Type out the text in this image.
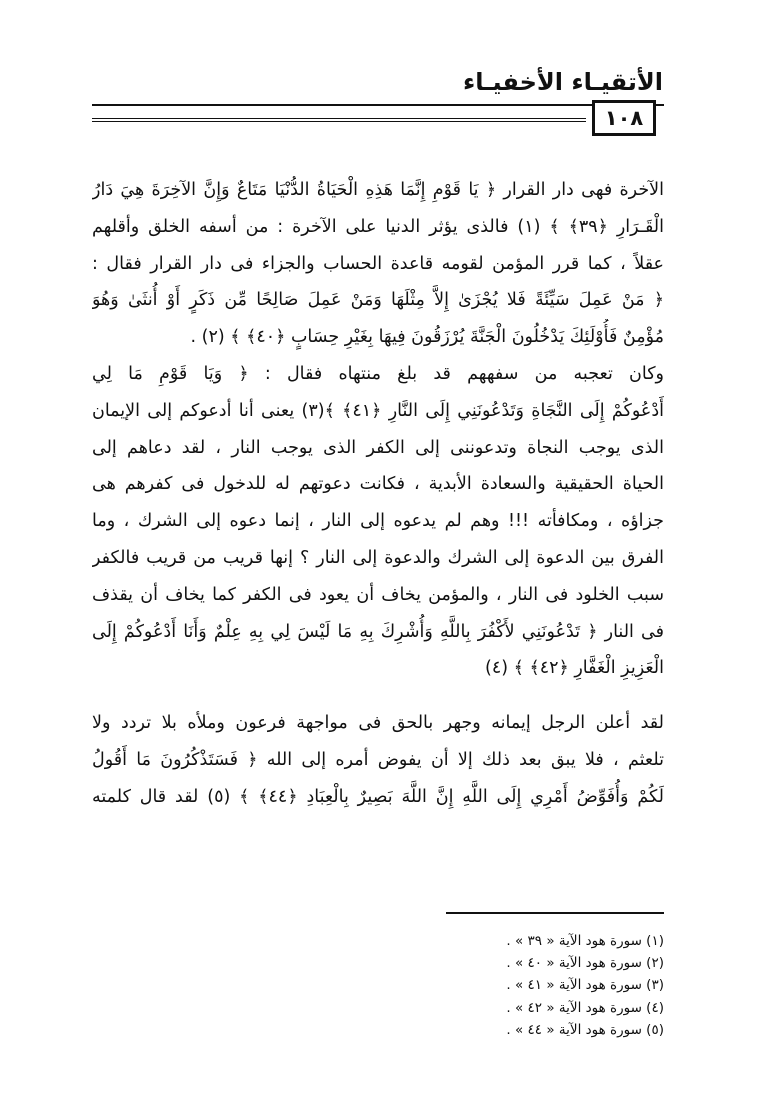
الأتقيـاء الأخفيـاء
١٠٨
الآخرة فهى دار القرار ﴿ يَا قَوْمِ إِنَّمَا هَذِهِ الْحَيَاةُ الدُّنْيَا مَتَاعٌ وَإِنَّ الآخِرَةَ هِيَ دَارُ
الْقَـرَارِ ﴿٣٩﴾ ﴾ (١) فالذى يؤثر الدنيا على الآخرة : من أسفه الخلق وأقلهم
عقلاً ، كما قرر المؤمن لقومه قاعدة الحساب والجزاء فى دار القرار فقال :
﴿ مَنْ عَمِلَ سَيِّئَةً فَلا يُجْزَىٰ إِلاَّ مِثْلَهَا وَمَنْ عَمِلَ صَالِحًا مِّن ذَكَرٍ أَوْ أُنثَىٰ وَهُوَ
مُؤْمِنٌ فَأُوْلَئِكَ يَدْخُلُونَ الْجَنَّةَ يُرْزَقُونَ فِيهَا بِغَيْرِ حِسَابٍ ﴿٤٠﴾ ﴾ (٢) .
وكان تعجبه من سفههم قد بلغ منتهاه فقال : ﴿ وَيَا قَوْمِ مَا لِي
أَدْعُوكُمْ إِلَى النَّجَاةِ وَتَدْعُونَنِي إِلَى النَّارِ ﴿٤١﴾ ﴾(٣) يعنى أنا أدعوكم إلى الإيمان
الذى يوجب النجاة وتدعوننى إلى الكفر الذى يوجب النار ، لقد دعاهم إلى
الحياة الحقيقية والسعادة الأبدية ، فكانت دعوتهم له للدخول فى كفرهم هى
جزاؤه ، ومكافأته !!! وهم لم يدعوه إلى النار ، إنما دعوه إلى الشرك ، وما
الفرق بين الدعوة إلى الشرك والدعوة إلى النار ؟ إنها قريب من قريب فالكفر
سبب الخلود فى النار ، والمؤمن يخاف أن يعود فى الكفر كما يخاف أن يقذف
فى النار ﴿ تَدْعُونَنِي لأَكْفُرَ بِاللَّهِ وَأُشْرِكَ بِهِ مَا لَيْسَ لِي بِهِ عِلْمٌ وَأَنَا أَدْعُوكُمْ إِلَى
الْعَزِيزِ الْغَفَّارِ ﴿٤٢﴾ ﴾ (٤)
لقد أعلن الرجل إيمانه وجهر بالحق فى مواجهة فرعون وملأه بلا تردد ولا
تلعثم ، فلا يبق بعد ذلك إلا أن يفوض أمره إلى الله ﴿ فَسَتَذْكُرُونَ مَا أَقُولُ
لَكُمْ وَأُفَوِّضُ أَمْرِي إِلَى اللَّهِ إِنَّ اللَّهَ بَصِيرٌ بِالْعِبَادِ ﴿٤٤﴾ ﴾ (٥) لقد قال كلمته
(١) سورة هود الآية « ٣٩ » .
(٢) سورة هود الآية « ٤٠ » .
(٣) سورة هود الآية « ٤١ » .
(٤) سورة هود الآية « ٤٢ » .
(٥) سورة هود الآية « ٤٤ » .
